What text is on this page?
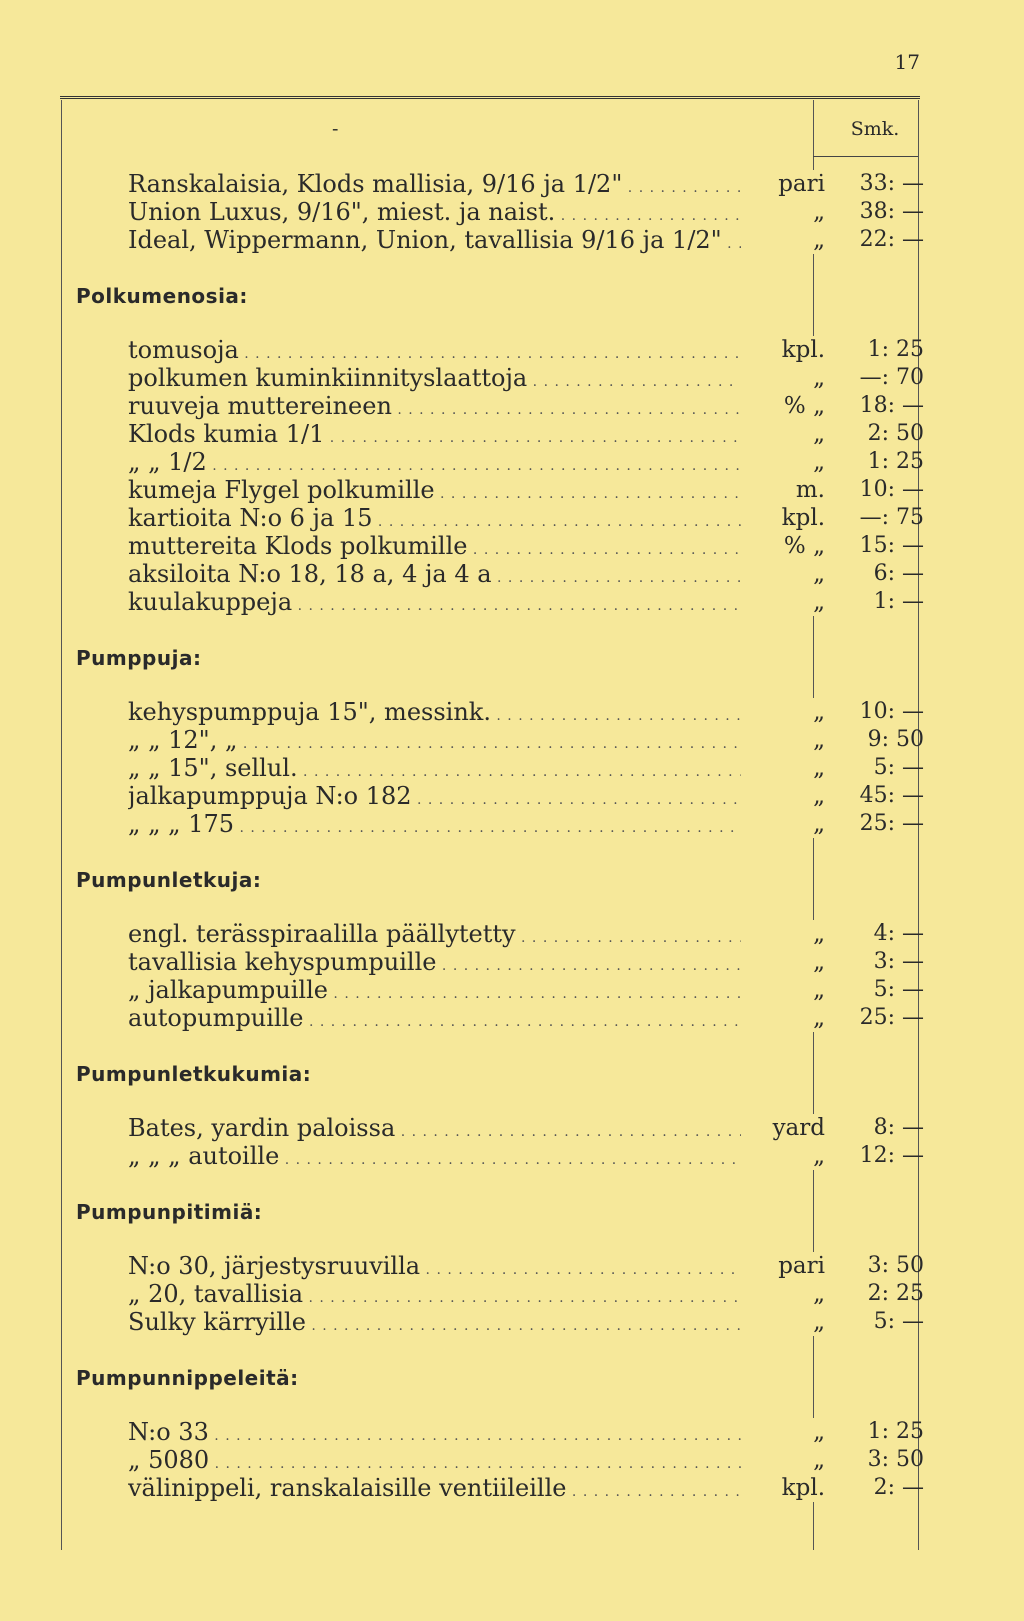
17
-	Smk.
Ranskalaisia, Klods mallisia, 9/16 ja 1/2" . . .	pari	33: —
Union Luxus, 9/16", miest. ja naist. . . .	„	38: —
Ideal, Wippermann, Union, tavallisia 9/16 ja 1/2" . . .	„	22: —
Polkumenosia:
tomusoja . . .	kpl.	1: 25
polkumen kuminkiinnityslaattoja . . .	„	—: 70
ruuveja muttereineen . . .	% „	18: —
Klods kumia 1/1 . . .	„	2: 50
„ „ 1/2 . . .	„	1: 25
kumeja Flygel polkumille . . .	m.	10: —
kartioita N:o 6 ja 15 . . .	kpl.	—: 75
muttereita Klods polkumille . . .	% „	15: —
aksiloita N:o 18, 18 a, 4 ja 4 a . . .	„	6: —
kuulakuppeja . . .	„	1: —
Pumppuja:
kehyspumppuja 15", messink. . . .	„	10: —
„ „ 12", „ . . .	„	9: 50
„ „ 15", sellul. . . .	„	5: —
jalkapumppuja N:o 182 . . .	„	45: —
„ „ „ 175 . . .	„	25: —
Pumpunletkuja:
engl. terässpiraalilla päällytetty . . .	„	4: —
tavallisia kehyspumpuille . . .	„	3: —
„ jalkapumpuille . . .	„	5: —
autopumpuille . . .	„	25: —
Pumpunletkukumia:
Bates, yardin paloissa . . .	yard	8: —
„ „ „ autoille . . .	„	12: —
Pumpunpitimiä:
N:o 30, järjestysruuvilla . . .	pari	3: 50
„ 20, tavallisia . . .	„	2: 25
Sulky kärryille . . .	„	5: —
Pumpunnippeleitä:
N:o 33 . . .	„	1: 25
„ 5080 . . .	„	3: 50
välinippeli, ranskalaisille ventiileille . . .	kpl.	2: —
